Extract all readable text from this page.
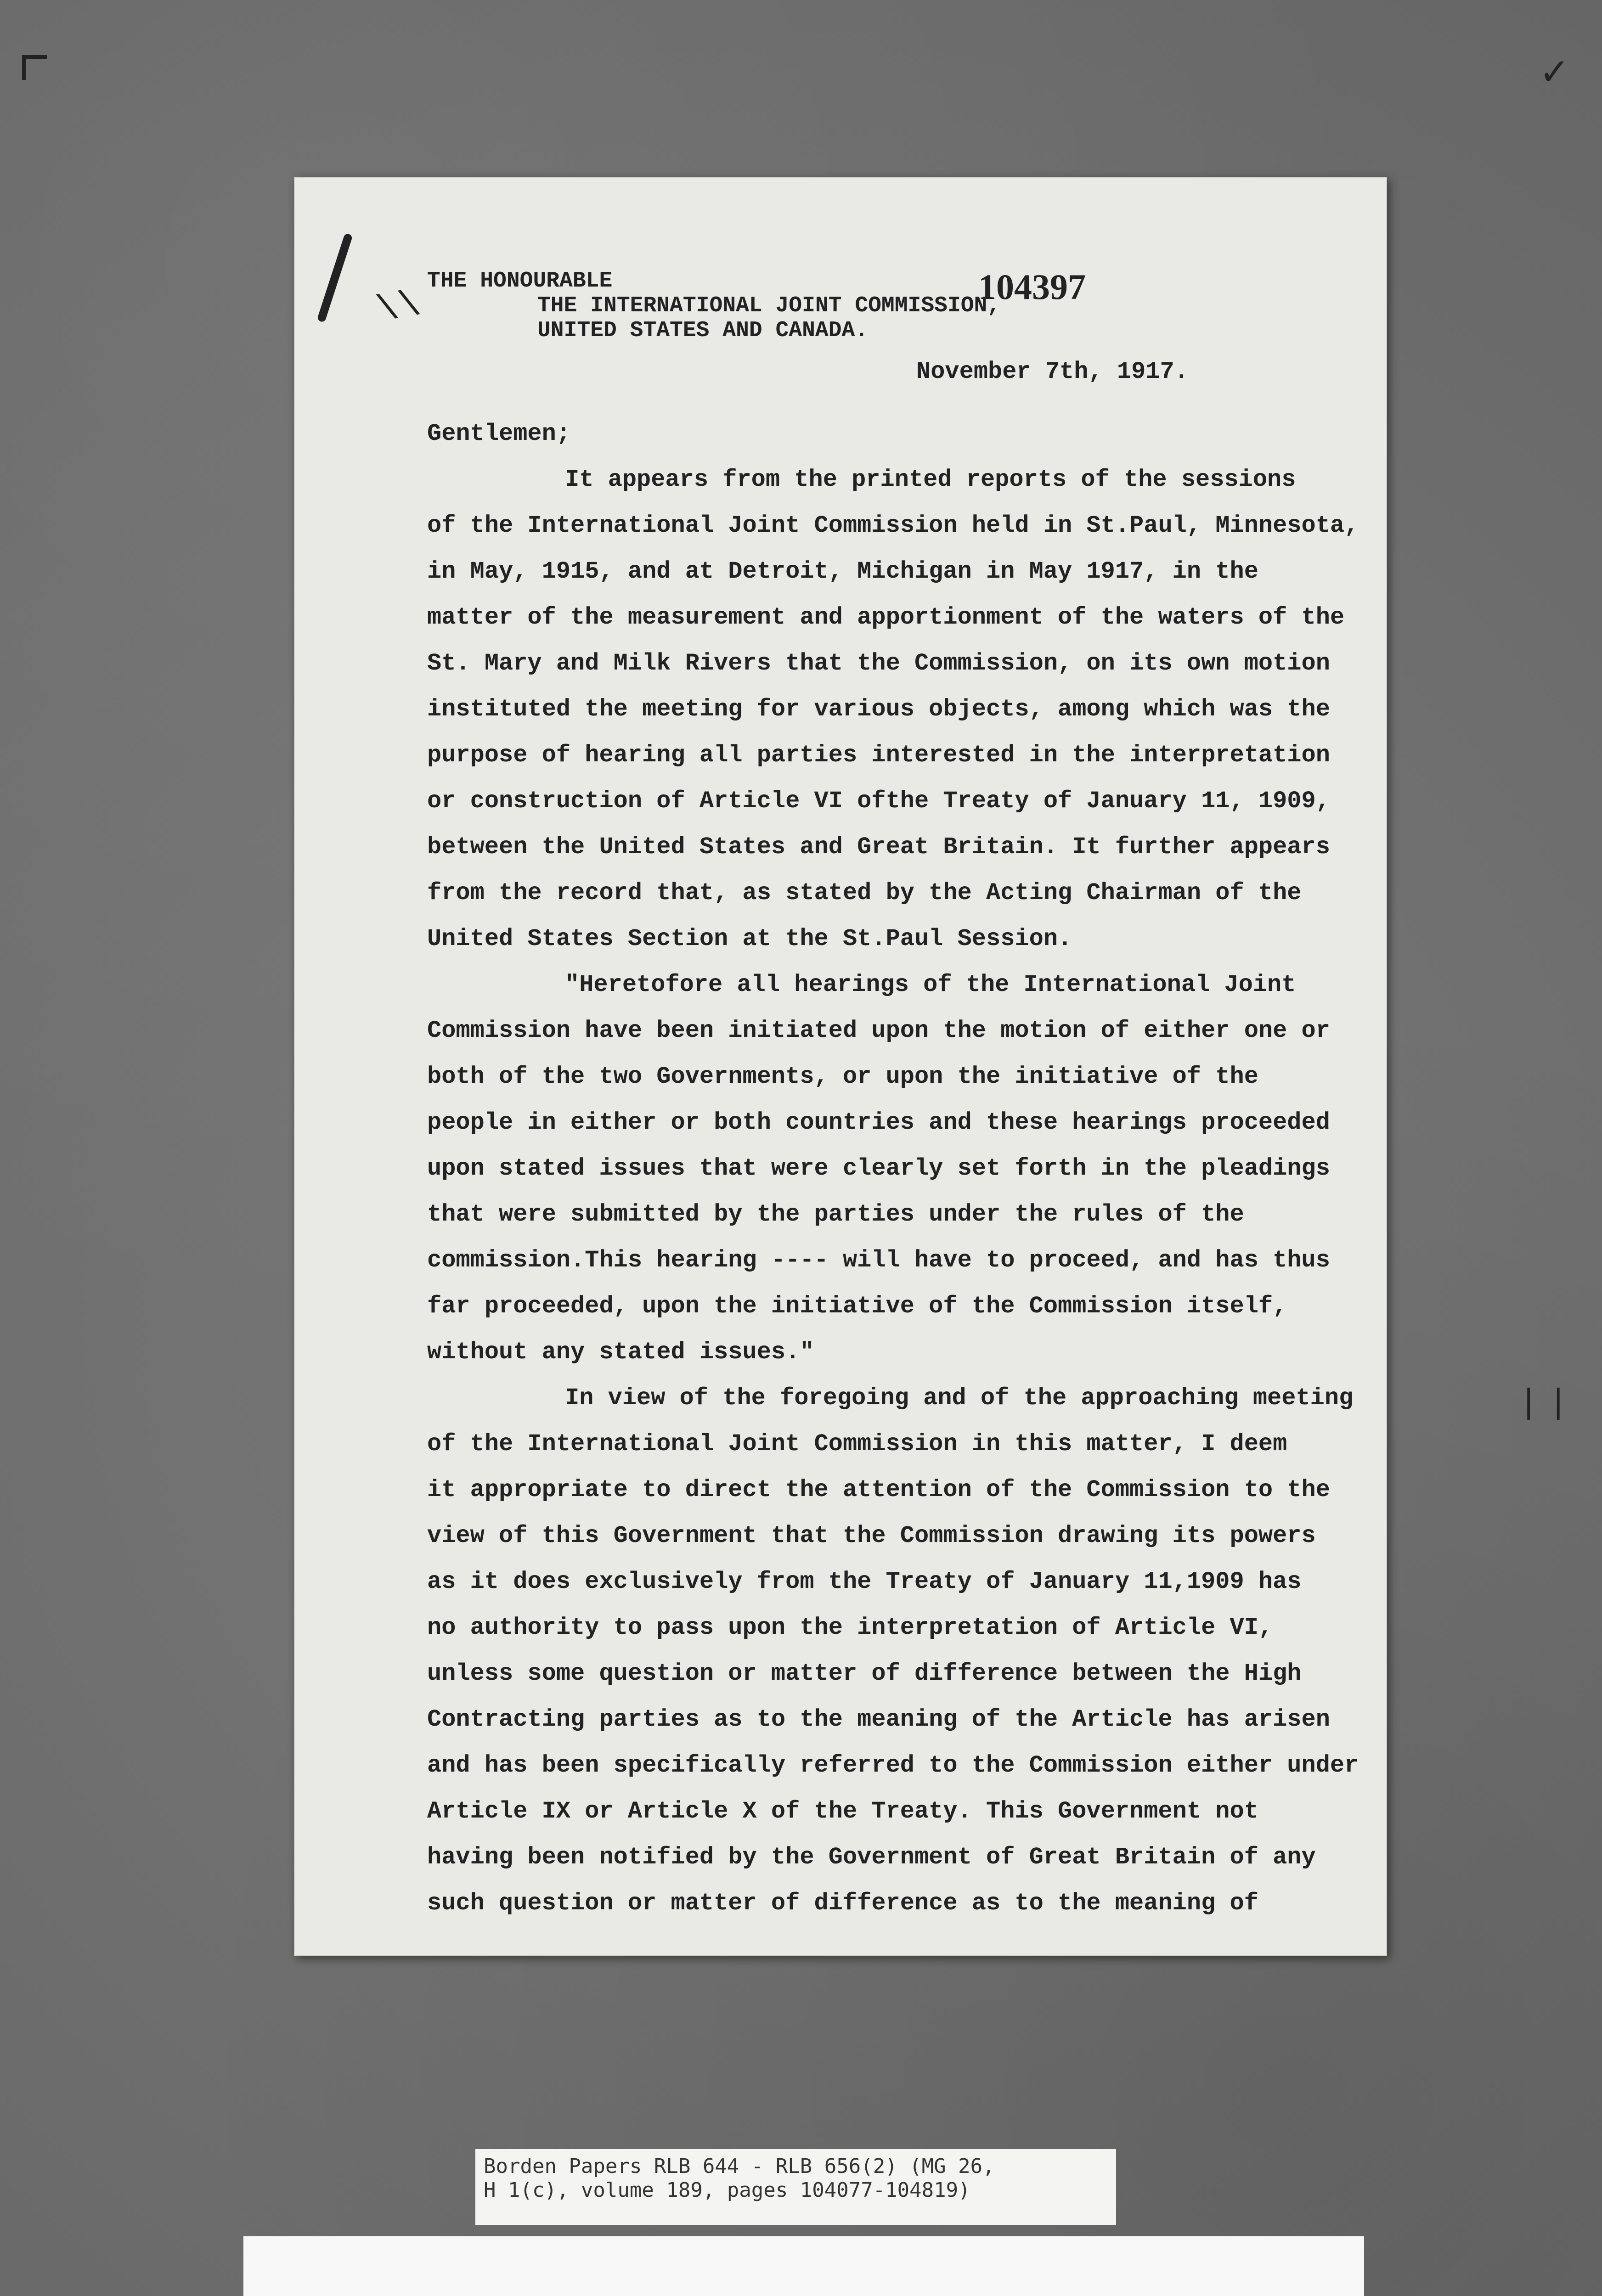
✓
❘❘
\\	104397
THE HONOURABLE
THE INTERNATIONAL JOINT COMMISSION,
UNITED STATES AND CANADA.
November 7th, 1917.
Gentlemen;
It appears from the printed reports of the sessions
of the International Joint Commission held in St.Paul, Minnesota,
in May, 1915, and at Detroit, Michigan in May 1917, in the
matter of the measurement and apportionment of the waters of the
St. Mary and Milk Rivers that the Commission, on its own motion
instituted the meeting for various objects, among which was the
purpose of hearing all parties interested in the interpretation
or construction of Article VI ofthe Treaty of January 11, 1909,
between the United States and Great Britain. It further appears
from the record that, as stated by the Acting Chairman of the
United States Section at the St.Paul Session.
"Heretofore all hearings of the International Joint
Commission have been initiated upon the motion of either one or
both of the two Governments, or upon the initiative of the
people in either or both countries and these hearings proceeded
upon stated issues that were clearly set forth in the pleadings
that were submitted by the parties under the rules of the
commission.This hearing ---- will have to proceed, and has thus
far proceeded, upon the initiative of the Commission itself,
without any stated issues."
In view of the foregoing and of the approaching meeting
of the International Joint Commission in this matter, I deem
it appropriate to direct the attention of the Commission to the
view of this Government that the Commission drawing its powers
as it does exclusively from the Treaty of January 11,1909 has
no authority to pass upon the interpretation of Article VI,
unless some question or matter of difference between the High
Contracting parties as to the meaning of the Article has arisen
and has been specifically referred to the Commission either under
Article IX or Article X of the Treaty. This Government not
having been notified by the Government of Great Britain of any
such question or matter of difference as to the meaning of
Borden Papers RLB 644 - RLB 656(2) (MG 26,
H 1(c), volume 189, pages 104077-104819)
